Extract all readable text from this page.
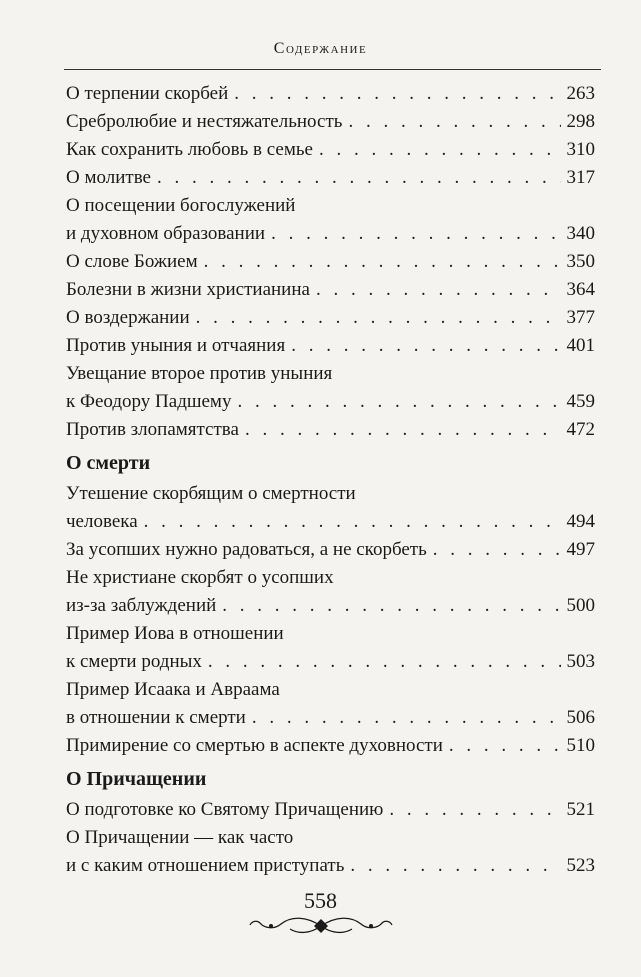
Содержание
О терпении скорбей . . .	263
Сребролюбие и нестяжательность . . .	298
Как сохранить любовь в семье . . .	310
О молитве . . .	317
О посещении богослужений
и духовном образовании . . .	340
О слове Божием . . .	350
Болезни в жизни христианина . . .	364
О воздержании . . .	377
Против уныния и отчаяния . . .	401
Увещание второе против уныния
к Феодору Падшему . . .	459
Против злопамятства . . .	472
О смерти
Утешение скорбящим о смертности
человека . . .	494
За усопших нужно радоваться, а не скорбеть . . .	497
Не христиане скорбят о усопших
из-за заблуждений . . .	500
Пример Иова в отношении
к смерти родных . . .	503
Пример Исаака и Авраама
в отношении к смерти . . .	506
Примирение со смертью в аспекте духовности . . .	510
О Причащении
О подготовке ко Святому Причащению . . .	521
О Причащении — как часто
и с каким отношением приступать . . .	523
558
